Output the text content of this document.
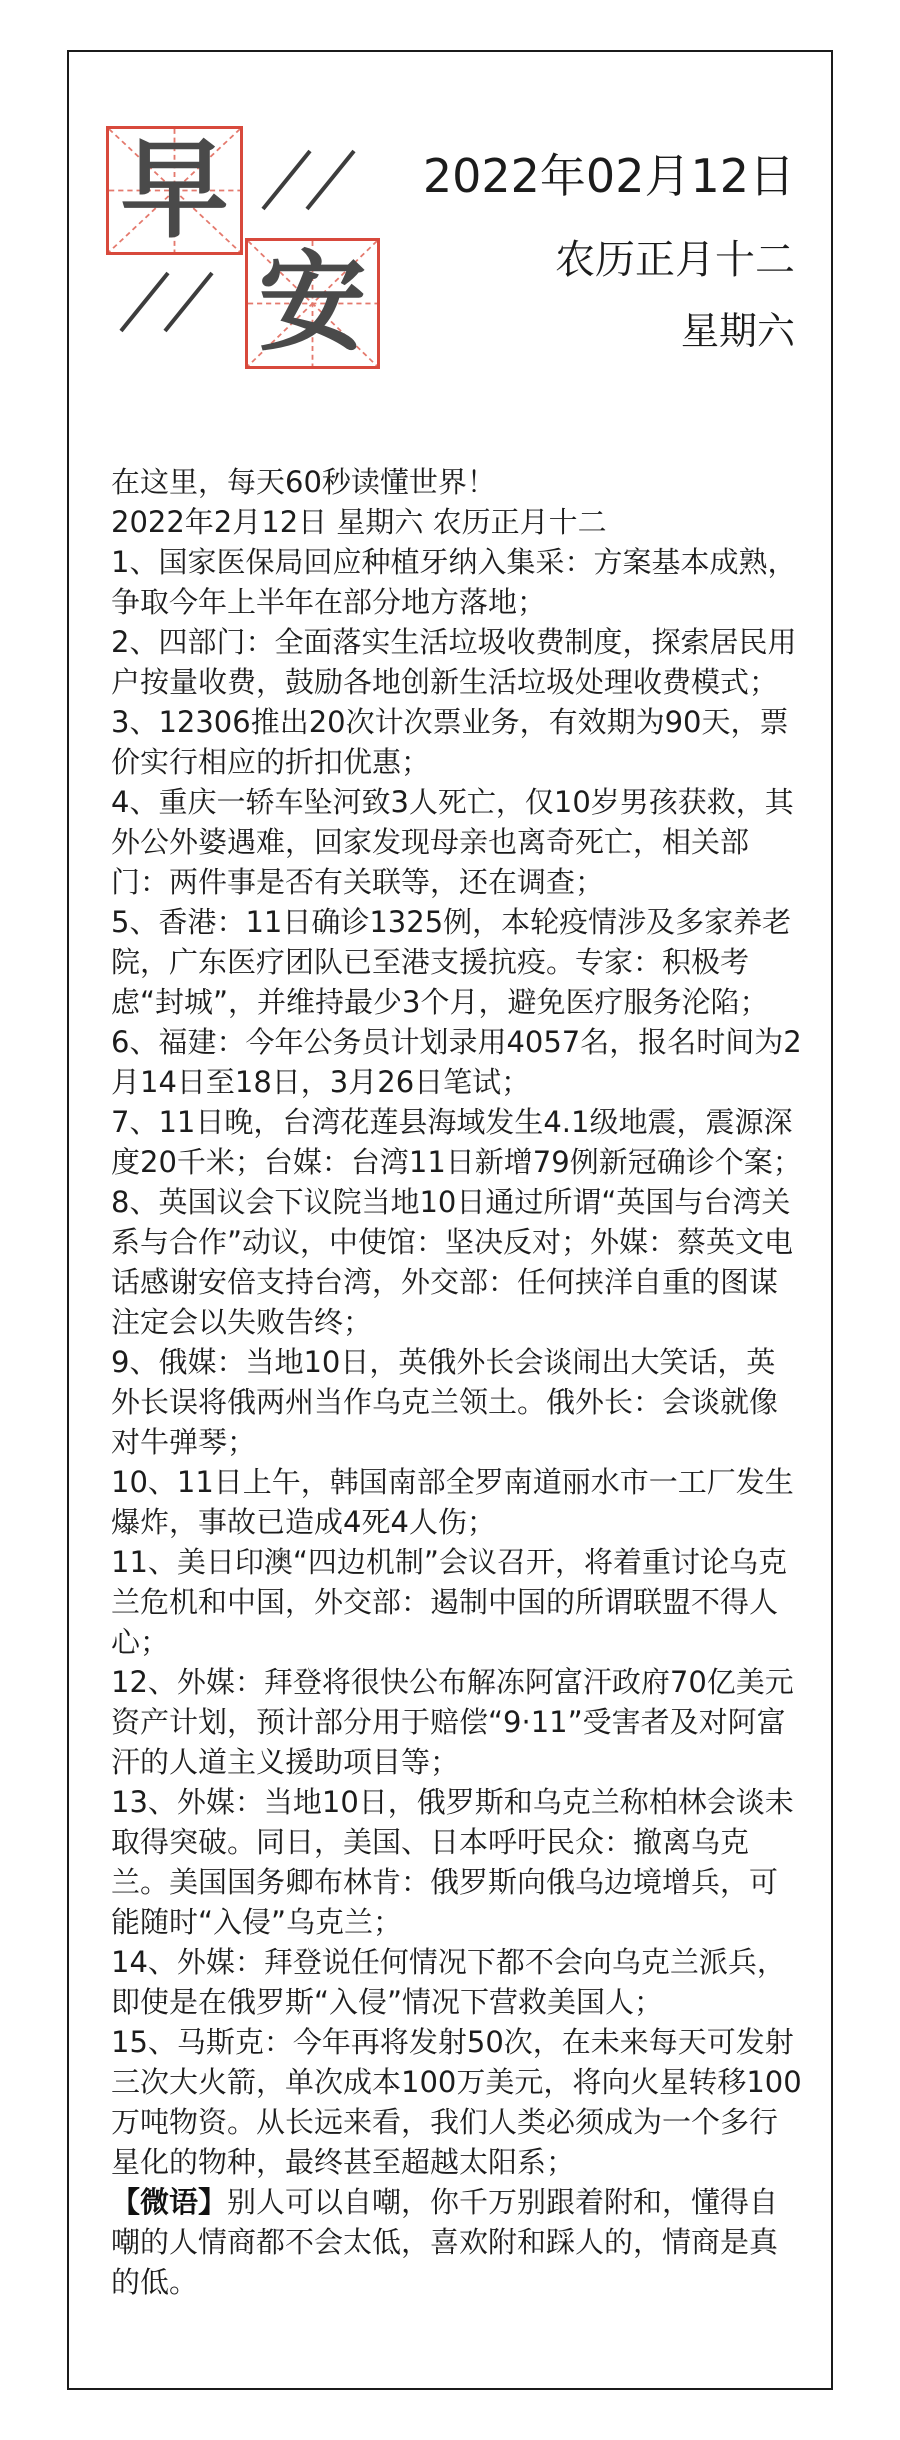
早
安
2022年02月12日
农历正月十二
星期六

在这里，每天60秒读懂世界！

2022年2月12日 星期六 农历正月十二

1、国家医保局回应种植牙纳入集采：方案基本成熟，争取今年上半年在部分地方落地；

2、四部门：全面落实生活垃圾收费制度，探索居民用户按量收费，鼓励各地创新生活垃圾处理收费模式；

3、12306推出20次计次票业务，有效期为90天，票价实行相应的折扣优惠；

4、重庆一轿车坠河致3人死亡，仅10岁男孩获救，其外公外婆遇难，回家发现母亲也离奇死亡，相关部门：两件事是否有关联等，还在调查；

5、香港：11日确诊1325例，本轮疫情涉及多家养老院，广东医疗团队已至港支援抗疫。专家：积极考虑“封城”，并维持最少3个月，避免医疗服务沦陷；

6、福建：今年公务员计划录用4057名，报名时间为2月14日至18日，3月26日笔试；

7、11日晚，台湾花莲县海域发生4.1级地震，震源深度20千米；台媒：台湾11日新增79例新冠确诊个案；

8、英国议会下议院当地10日通过所谓“英国与台湾关系与合作”动议，中使馆：坚决反对；外媒：蔡英文电话感谢安倍支持台湾，外交部：任何挟洋自重的图谋注定会以失败告终；

9、俄媒：当地10日，英俄外长会谈闹出大笑话，英外长误将俄两州当作乌克兰领土。俄外长：会谈就像对牛弹琴；

10、11日上午，韩国南部全罗南道丽水市一工厂发生爆炸，事故已造成4死4人伤；

11、美日印澳“四边机制”会议召开，将着重讨论乌克兰危机和中国，外交部：遏制中国的所谓联盟不得人心；

12、外媒：拜登将很快公布解冻阿富汗政府70亿美元资产计划，预计部分用于赔偿“9·11”受害者及对阿富汗的人道主义援助项目等；

13、外媒：当地10日，俄罗斯和乌克兰称柏林会谈未取得突破。同日，美国、日本呼吁民众：撤离乌克兰。美国国务卿布林肯：俄罗斯向俄乌边境增兵，可能随时“入侵”乌克兰；

14、外媒：拜登说任何情况下都不会向乌克兰派兵，即使是在俄罗斯“入侵”情况下营救美国人；

15、马斯克：今年再将发射50次，在未来每天可发射三次大火箭，单次成本100万美元，将向火星转移100万吨物资。从长远来看，我们人类必须成为一个多行星化的物种，最终甚至超越太阳系；

【微语】别人可以自嘲，你千万别跟着附和，懂得自嘲的人情商都不会太低，喜欢附和踩人的，情商是真的低。
